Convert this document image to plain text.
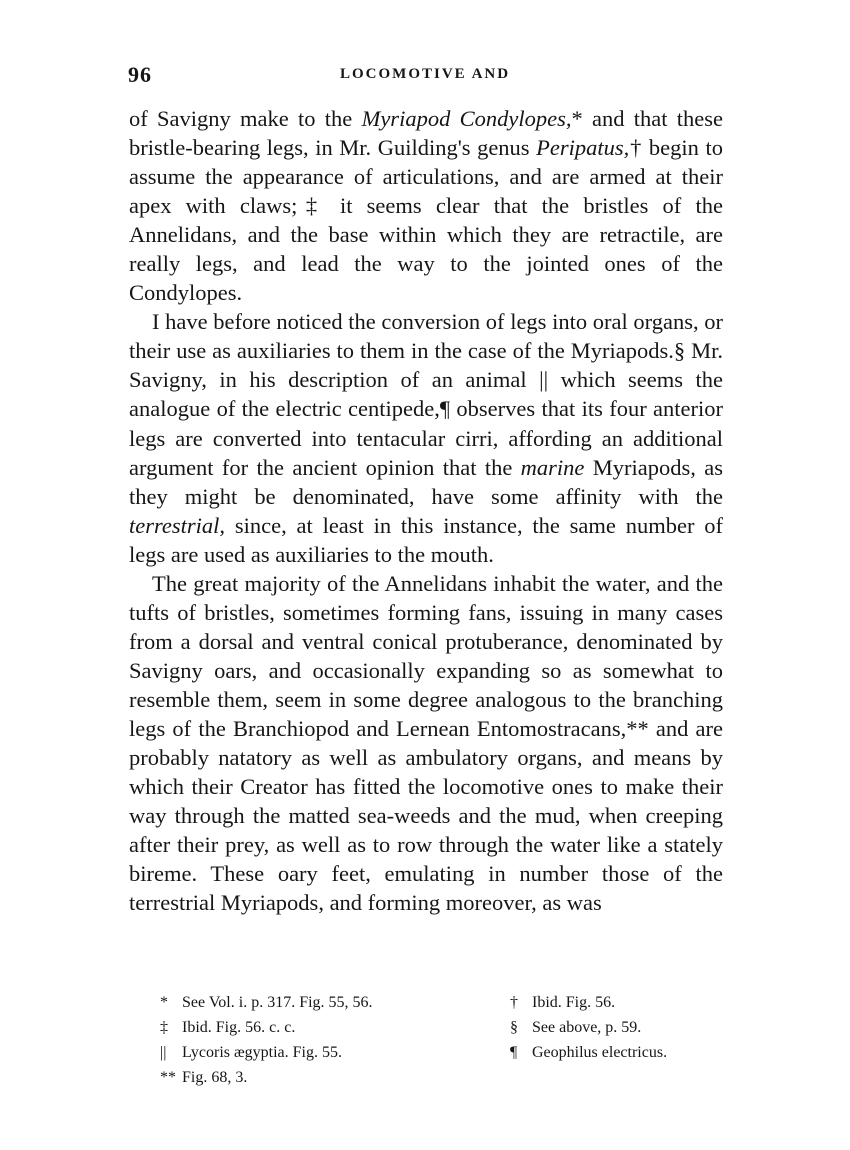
96	LOCOMOTIVE AND

of Savigny make to the Myriapod Condylopes,* and that these bristle-bearing legs, in Mr. Guilding's genus Peripatus,† begin to assume the appearance of articulations, and are armed at their apex with claws;‡ it seems clear that the bristles of the Annelidans, and the base within which they are retractile, are really legs, and lead the way to the jointed ones of the Condylopes.

I have before noticed the conversion of legs into oral organs, or their use as auxiliaries to them in the case of the Myriapods.§ Mr. Savigny, in his description of an animal || which seems the analogue of the electric centipede,¶ observes that its four anterior legs are converted into tentacular cirri, affording an additional argument for the ancient opinion that the marine Myriapods, as they might be denominated, have some affinity with the terrestrial, since, at least in this instance, the same number of legs are used as auxiliaries to the mouth.

The great majority of the Annelidans inhabit the water, and the tufts of bristles, sometimes forming fans, issuing in many cases from a dorsal and ventral conical protuberance, denominated by Savigny oars, and occasionally expanding so as somewhat to resemble them, seem in some degree analogous to the branching legs of the Branchiopod and Lernean Entomostracans,** and are probably natatory as well as ambulatory organs, and means by which their Creator has fitted the locomotive ones to make their way through the matted sea-weeds and the mud, when creeping after their prey, as well as to row through the water like a stately bireme. These oary feet, emulating in number those of the terrestrial Myriapods, and forming moreover, as was

* See Vol. i. p. 317. Fig. 55, 56.	† Ibid. Fig. 56.
‡ Ibid. Fig. 56. c. c.	§ See above, p. 59.
|| Lycoris ægyptia. Fig. 55.	¶ Geophilus electricus.
** Fig. 68, 3.
